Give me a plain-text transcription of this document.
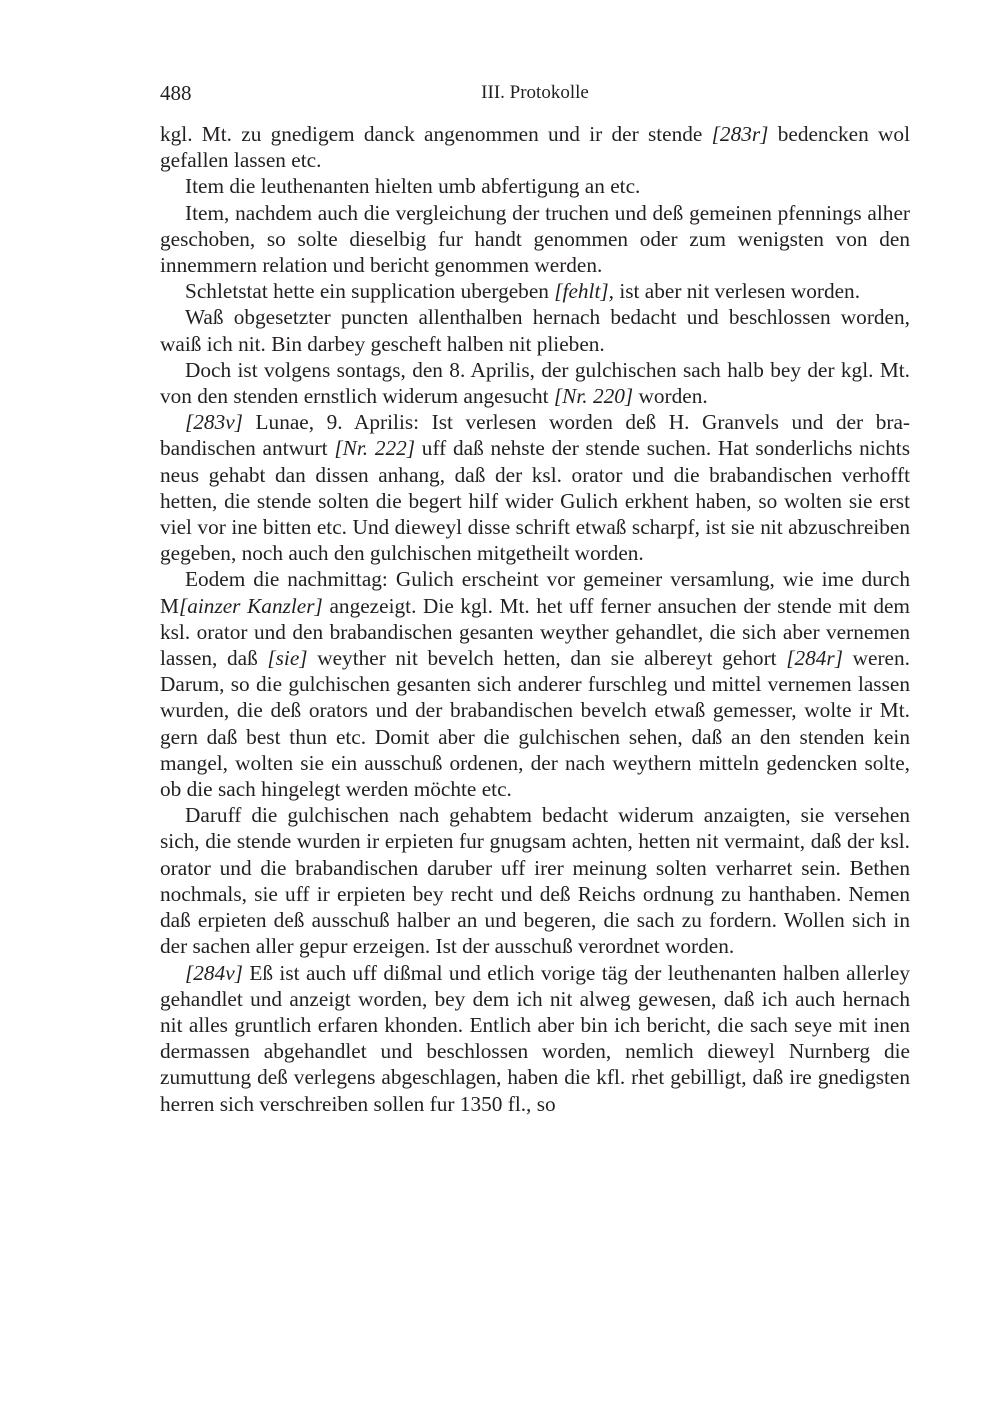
488	III. Protokolle

kgl. Mt. zu gnedigem danck angenommen und ir der stende [283r] bedencken wol gefallen lassen etc.

Item die leuthenanten hielten umb abfertigung an etc.

Item, nachdem auch die vergleichung der truchen und deß gemeinen pfennings alher geschoben, so solte dieselbig fur handt genommen oder zum wenigsten von den innemmern relation und bericht genommen werden.

Schletstat hette ein supplication ubergeben [fehlt], ist aber nit verlesen worden.

Waß obgesetzter puncten allenthalben hernach bedacht und beschlossen worden, waiß ich nit. Bin darbey gescheft halben nit plieben.

Doch ist volgens sontags, den 8. Aprilis, der gulchischen sach halb bey der kgl. Mt. von den stenden ernstlich widerum angesucht [Nr. 220] worden.

[283v] Lunae, 9. Aprilis: Ist verlesen worden deß H. Granvels und der brabandischen antwurt [Nr. 222] uff daß nehste der stende suchen. Hat sonderlichs nichts neus gehabt dan dissen anhang, daß der ksl. orator und die brabandischen verhofft hetten, die stende solten die begert hilf wider Gulich erkhent haben, so wolten sie erst viel vor ine bitten etc. Und dieweyl disse schrift etwaß scharpf, ist sie nit abzuschreiben gegeben, noch auch den gulchischen mitgetheilt worden.

Eodem die nachmittag: Gulich erscheint vor gemeiner versamlung, wie ime durch M[ainzer Kanzler] angezeigt. Die kgl. Mt. het uff ferner ansuchen der stende mit dem ksl. orator und den brabandischen gesanten weyther gehandlet, die sich aber vernemen lassen, daß [sie] weyther nit bevelch hetten, dan sie albereyt gehort [284r] weren. Darum, so die gulchischen gesanten sich anderer furschleg und mittel vernemen lassen wurden, die deß orators und der brabandischen bevelch etwaß gemesser, wolte ir Mt. gern daß best thun etc. Domit aber die gulchischen sehen, daß an den stenden kein mangel, wolten sie ein ausschuß ordenen, der nach weythern mitteln gedencken solte, ob die sach hingelegt werden möchte etc.

Daruff die gulchischen nach gehabtem bedacht widerum anzaigten, sie versehen sich, die stende wurden ir erpieten fur gnugsam achten, hetten nit vermaint, daß der ksl. orator und die brabandischen daruber uff irer meinung solten verharret sein. Bethen nochmals, sie uff ir erpieten bey recht und deß Reichs ordnung zu hanthaben. Nemen daß erpieten deß ausschuß halber an und begeren, die sach zu fordern. Wollen sich in der sachen aller gepur erzeigen. Ist der ausschuß verordnet worden.

[284v] Eß ist auch uff dißmal und etlich vorige täg der leuthenanten halben allerley gehandlet und anzeigt worden, bey dem ich nit alweg gewesen, daß ich auch hernach nit alles gruntlich erfaren khonden. Entlich aber bin ich bericht, die sach seye mit inen dermassen abgehandlet und beschlossen worden, nemlich dieweyl Nurnberg die zumuttung deß verlegens abgeschlagen, haben die kfl. rhet gebilligt, daß ire gnedigsten herren sich verschreiben sollen fur 1350 fl., so
